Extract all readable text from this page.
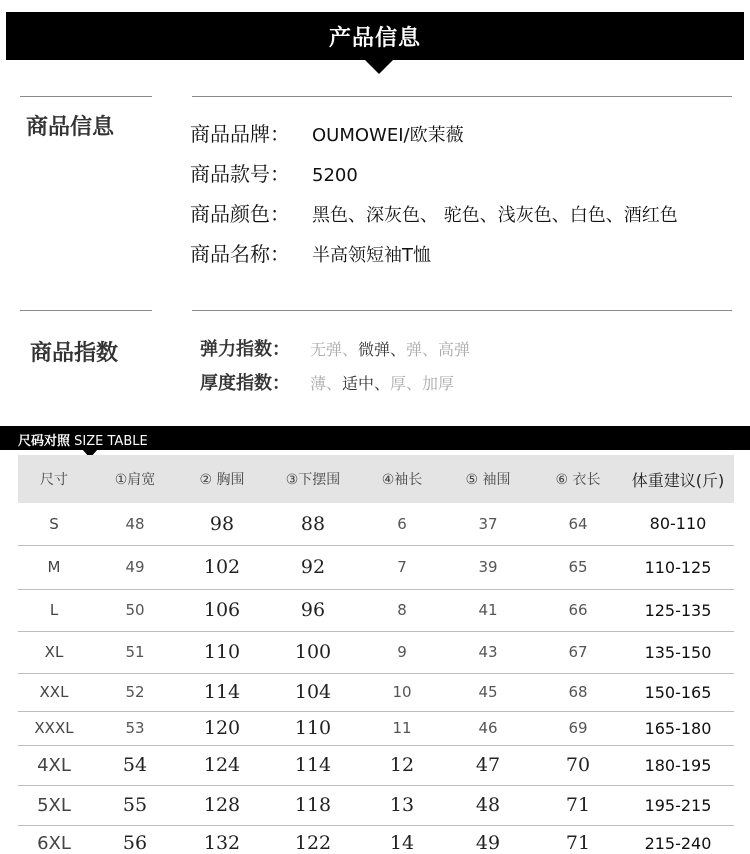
产品信息
商品信息	商品品牌：	OUMOWEI/欧茉薇
商品款号：	5200
商品颜色：	黑色、深灰色、 驼色、浅灰色、白色、酒红色
商品名称：	半高领短袖T恤
商品指数	弹力指数：	无弹、微弹、弹、高弹
厚度指数：	薄、适中、厚、加厚
尺码对照 SIZE TABLE
尺寸	①肩宽	② 胸围	③下摆围	④袖长	⑤ 袖围	⑥ 衣长	体重建议(斤)
S	48	98	88	6	37	64	80-110
M	49	102	92	7	39	65	110-125
L	50	106	96	8	41	66	125-135
XL	51	110	100	9	43	67	135-150
XXL	52	114	104	10	45	68	150-165
XXXL	53	120	110	11	46	69	165-180
4XL	54	124	114	12	47	70	180-195
5XL	55	128	118	13	48	71	195-215
6XL	56	132	122	14	49	71	215-240
